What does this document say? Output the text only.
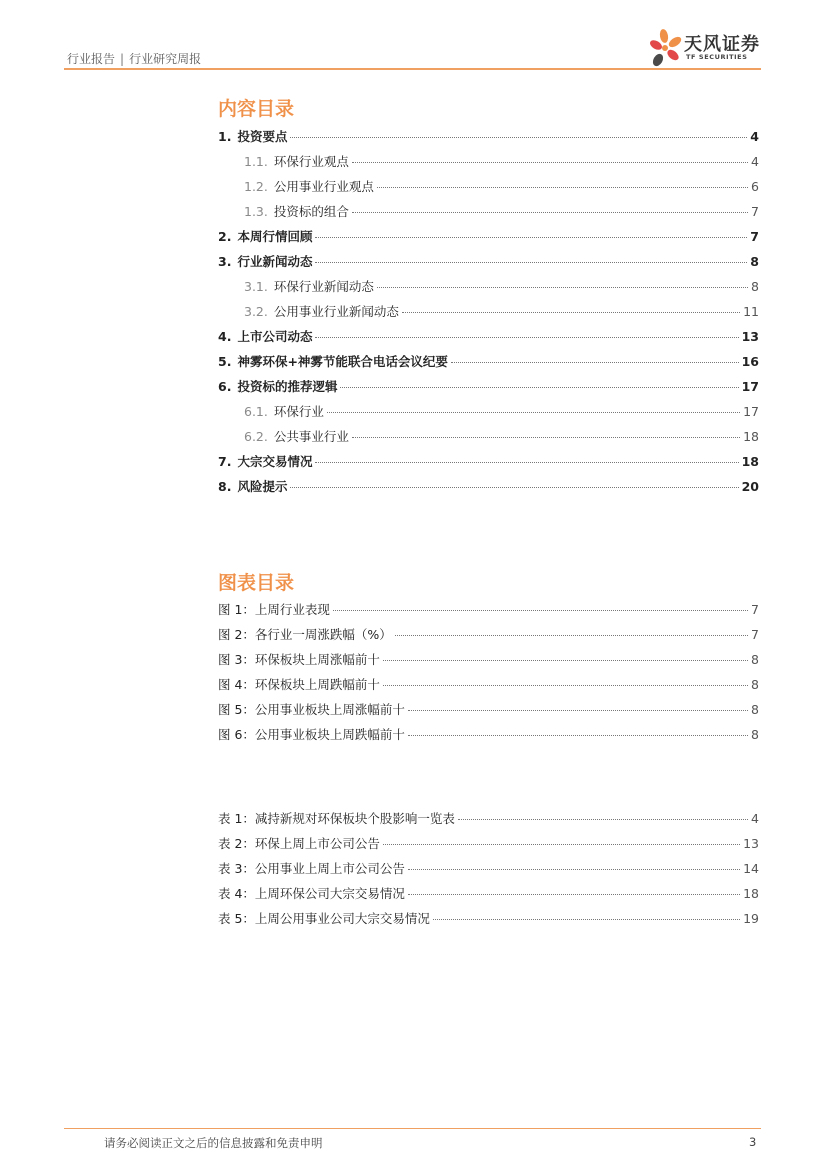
行业报告 | 行业研究周报
天风证券
TF SECURITIES
内容目录
1. 投资要点	4
1.1. 环保行业观点	4
1.2. 公用事业行业观点	6
1.3. 投资标的组合	7
2. 本周行情回顾	7
3. 行业新闻动态	8
3.1. 环保行业新闻动态	8
3.2. 公用事业行业新闻动态	11
4. 上市公司动态	13
5. 神雾环保+神雾节能联合电话会议纪要	16
6. 投资标的推荐逻辑	17
6.1. 环保行业	17
6.2. 公共事业行业	18
7. 大宗交易情况	18
8. 风险提示	20
图表目录
图 1：上周行业表现	7
图 2：各行业一周涨跌幅（%）	7
图 3：环保板块上周涨幅前十	8
图 4：环保板块上周跌幅前十	8
图 5：公用事业板块上周涨幅前十	8
图 6：公用事业板块上周跌幅前十	8
表 1：减持新规对环保板块个股影响一览表	4
表 2：环保上周上市公司公告	13
表 3：公用事业上周上市公司公告	14
表 4：上周环保公司大宗交易情况	18
表 5：上周公用事业公司大宗交易情况	19
请务必阅读正文之后的信息披露和免责申明	3
